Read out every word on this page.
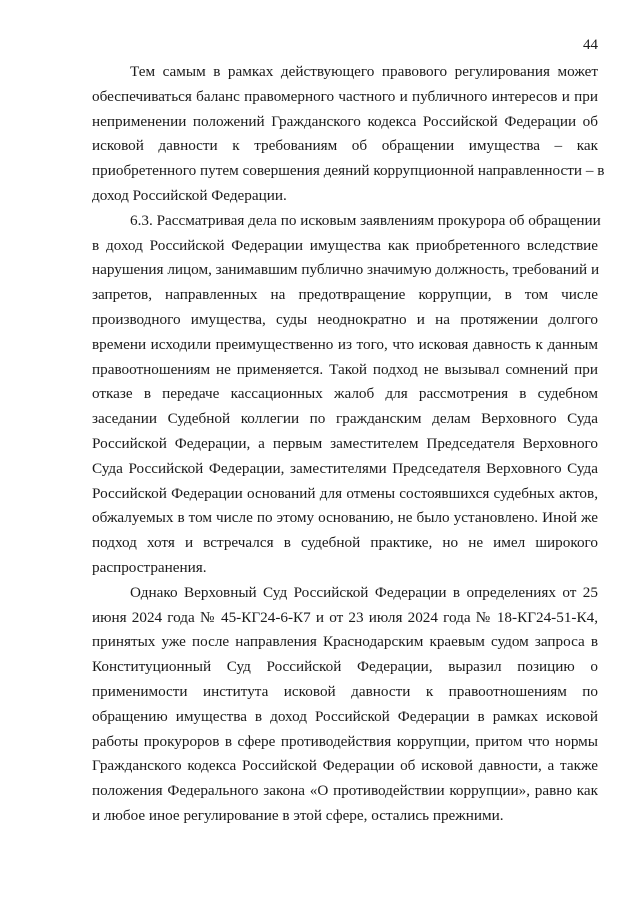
44
Тем самым в рамках действующего правового регулирования может
обеспечиваться баланс правомерного частного и публичного интересов и при
неприменении положений Гражданского кодекса Российской Федерации об
исковой давности к требованиям об обращении имущества – как
приобретенного путем совершения деяний коррупционной направленности – в
доход Российской Федерации.
6.3. Рассматривая дела по исковым заявлениям прокурора об обращении
в доход Российской Федерации имущества как приобретенного вследствие
нарушения лицом, занимавшим публично значимую должность, требований и
запретов, направленных на предотвращение коррупции, в том числе
производного имущества, суды неоднократно и на протяжении долгого
времени исходили преимущественно из того, что исковая давность к данным
правоотношениям не применяется. Такой подход не вызывал сомнений при
отказе в передаче кассационных жалоб для рассмотрения в судебном
заседании Судебной коллегии по гражданским делам Верховного Суда
Российской Федерации, а первым заместителем Председателя Верховного
Суда Российской Федерации, заместителями Председателя Верховного Суда
Российской Федерации оснований для отмены состоявшихся судебных актов,
обжалуемых в том числе по этому основанию, не было установлено. Иной же
подход хотя и встречался в судебной практике, но не имел широкого
распространения.
Однако Верховный Суд Российской Федерации в определениях от 25
июня 2024 года № 45-КГ24-6-К7 и от 23 июля 2024 года № 18-КГ24-51-К4,
принятых уже после направления Краснодарским краевым судом запроса в
Конституционный Суд Российской Федерации, выразил позицию о
применимости института исковой давности к правоотношениям по
обращению имущества в доход Российской Федерации в рамках исковой
работы прокуроров в сфере противодействия коррупции, притом что нормы
Гражданского кодекса Российской Федерации об исковой давности, а также
положения Федерального закона «О противодействии коррупции», равно как
и любое иное регулирование в этой сфере, остались прежними.
